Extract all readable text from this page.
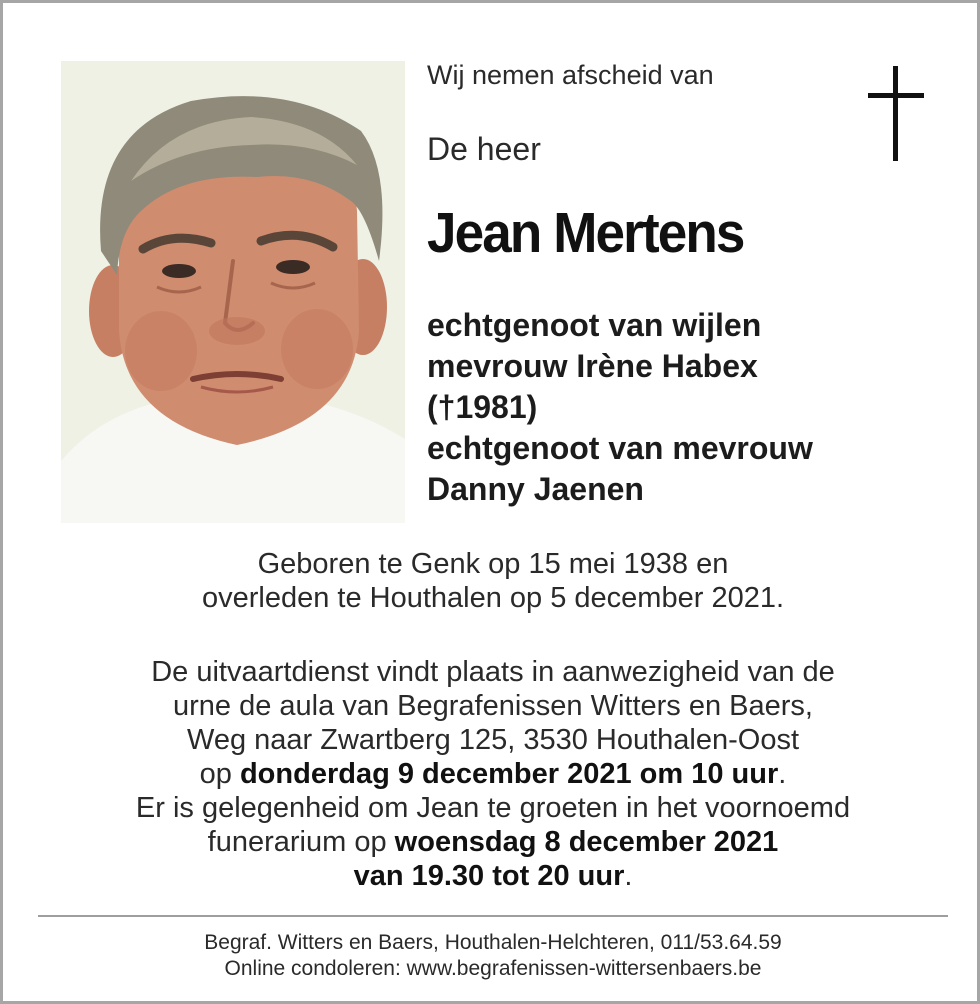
Wij nemen afscheid van
De heer
Jean Mertens
echtgenoot van wijlen
mevrouw Irène Habex
(†1981)
echtgenoot van mevrouw
Danny Jaenen
Geboren te Genk op 15 mei 1938 en
overleden te Houthalen op 5 december 2021.
De uitvaartdienst vindt plaats in aanwezigheid van de
urne de aula van Begrafenissen Witters en Baers,
Weg naar Zwartberg 125, 3530 Houthalen-Oost
op donderdag 9 december 2021 om 10 uur.
Er is gelegenheid om Jean te groeten in het voornoemd
funerarium op woensdag 8 december 2021
van 19.30 tot 20 uur.
Begraf. Witters en Baers, Houthalen-Helchteren, 011/53.64.59
Online condoleren: www.begrafenissen-wittersenbaers.be
